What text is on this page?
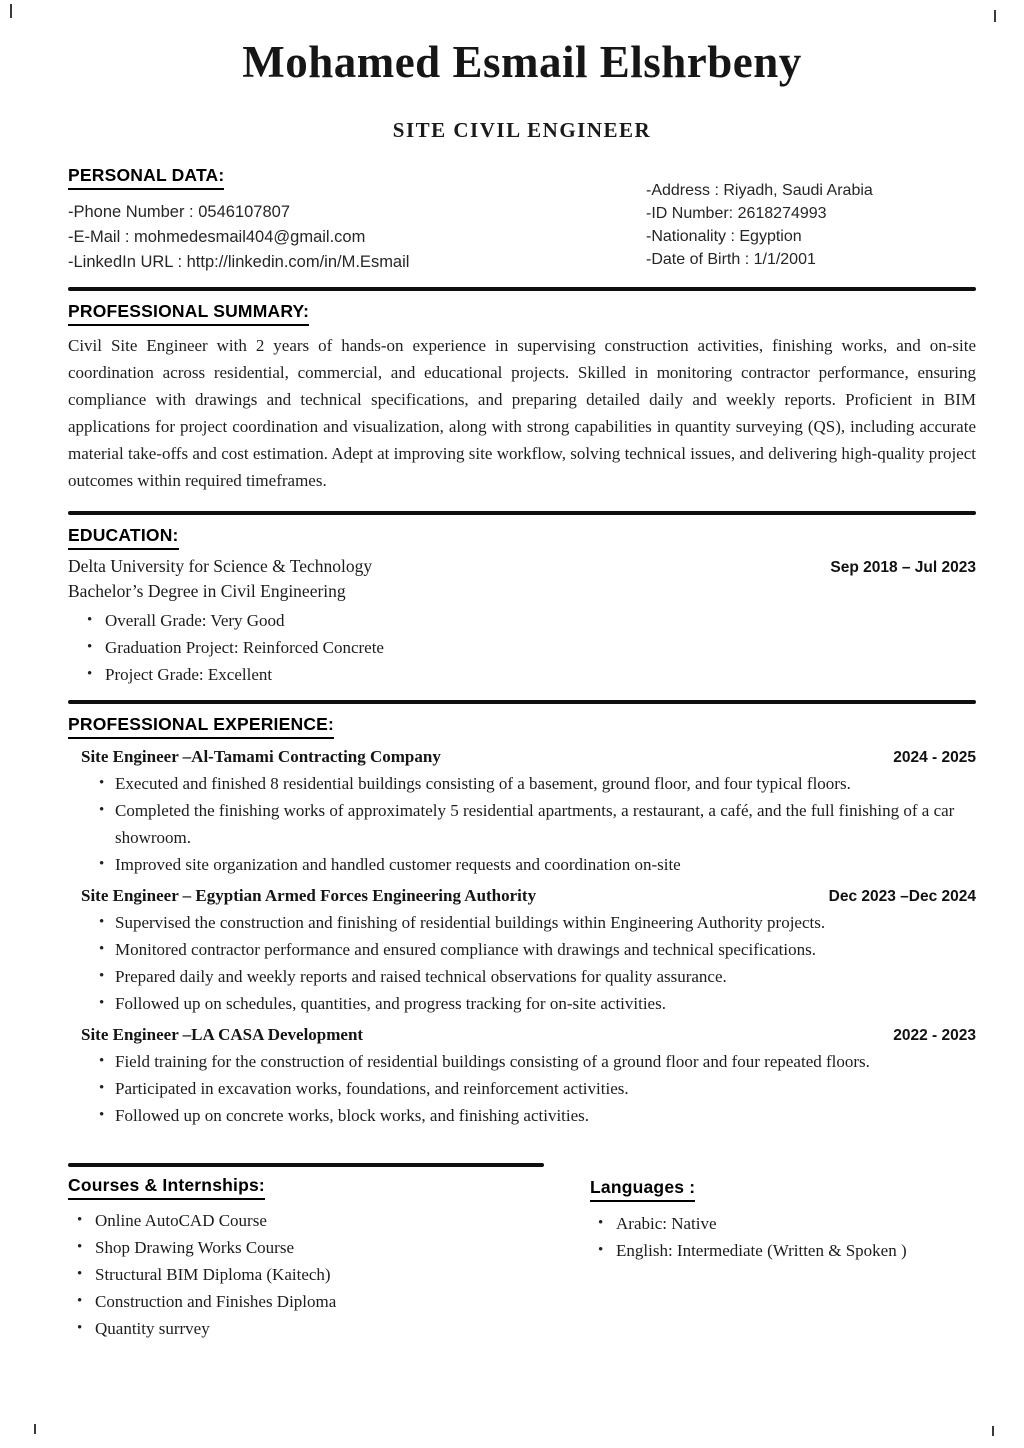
Mohamed Esmail Elshrbeny
SITE CIVIL ENGINEER
PERSONAL DATA:
-Phone Number : 0546107807
-E-Mail : mohmedesmail404@gmail.com
-LinkedIn URL : http://linkedin.com/in/M.Esmail
-Address : Riyadh, Saudi Arabia
-ID Number: 2618274993
-Nationality : Egyption
-Date of Birth : 1/1/2001
PROFESSIONAL SUMMARY:

Civil Site Engineer with 2 years of hands-on experience in supervising construction activities, finishing works, and on-site coordination across residential, commercial, and educational projects. Skilled in monitoring contractor performance, ensuring compliance with drawings and technical specifications, and preparing detailed daily and weekly reports. Proficient in BIM applications for project coordination and visualization, along with strong capabilities in quantity surveying (QS), including accurate material take-offs and cost estimation. Adept at improving site workflow, solving technical issues, and delivering high-quality project outcomes within required timeframes.

EDUCATION:
Delta University for Science & Technology	Sep 2018 – Jul 2023
Bachelor’s Degree in Civil Engineering
• Overall Grade: Very Good
• Graduation Project: Reinforced Concrete
• Project Grade: Excellent
PROFESSIONAL EXPERIENCE:
Site Engineer –Al-Tamami Contracting Company	2024 - 2025
• Executed and finished 8 residential buildings consisting of a basement, ground floor, and four typical floors.
• Completed the finishing works of approximately 5 residential apartments, a restaurant, a café, and the full finishing of a car showroom.
• Improved site organization and handled customer requests and coordination on-site
Site Engineer – Egyptian Armed Forces Engineering Authority	Dec 2023 –Dec 2024
• Supervised the construction and finishing of residential buildings within Engineering Authority projects.
• Monitored contractor performance and ensured compliance with drawings and technical specifications.
• Prepared daily and weekly reports and raised technical observations for quality assurance.
• Followed up on schedules, quantities, and progress tracking for on-site activities.
Site Engineer –LA CASA Development	2022 - 2023
• Field training for the construction of residential buildings consisting of a ground floor and four repeated floors.
• Participated in excavation works, foundations, and reinforcement activities.
• Followed up on concrete works, block works, and finishing activities.
Courses & Internships:
• Online AutoCAD Course
• Shop Drawing Works Course
• Structural BIM Diploma (Kaitech)
• Construction and Finishes Diploma
• Quantity surrvey
Languages :
• Arabic: Native
• English: Intermediate (Written & Spoken )
